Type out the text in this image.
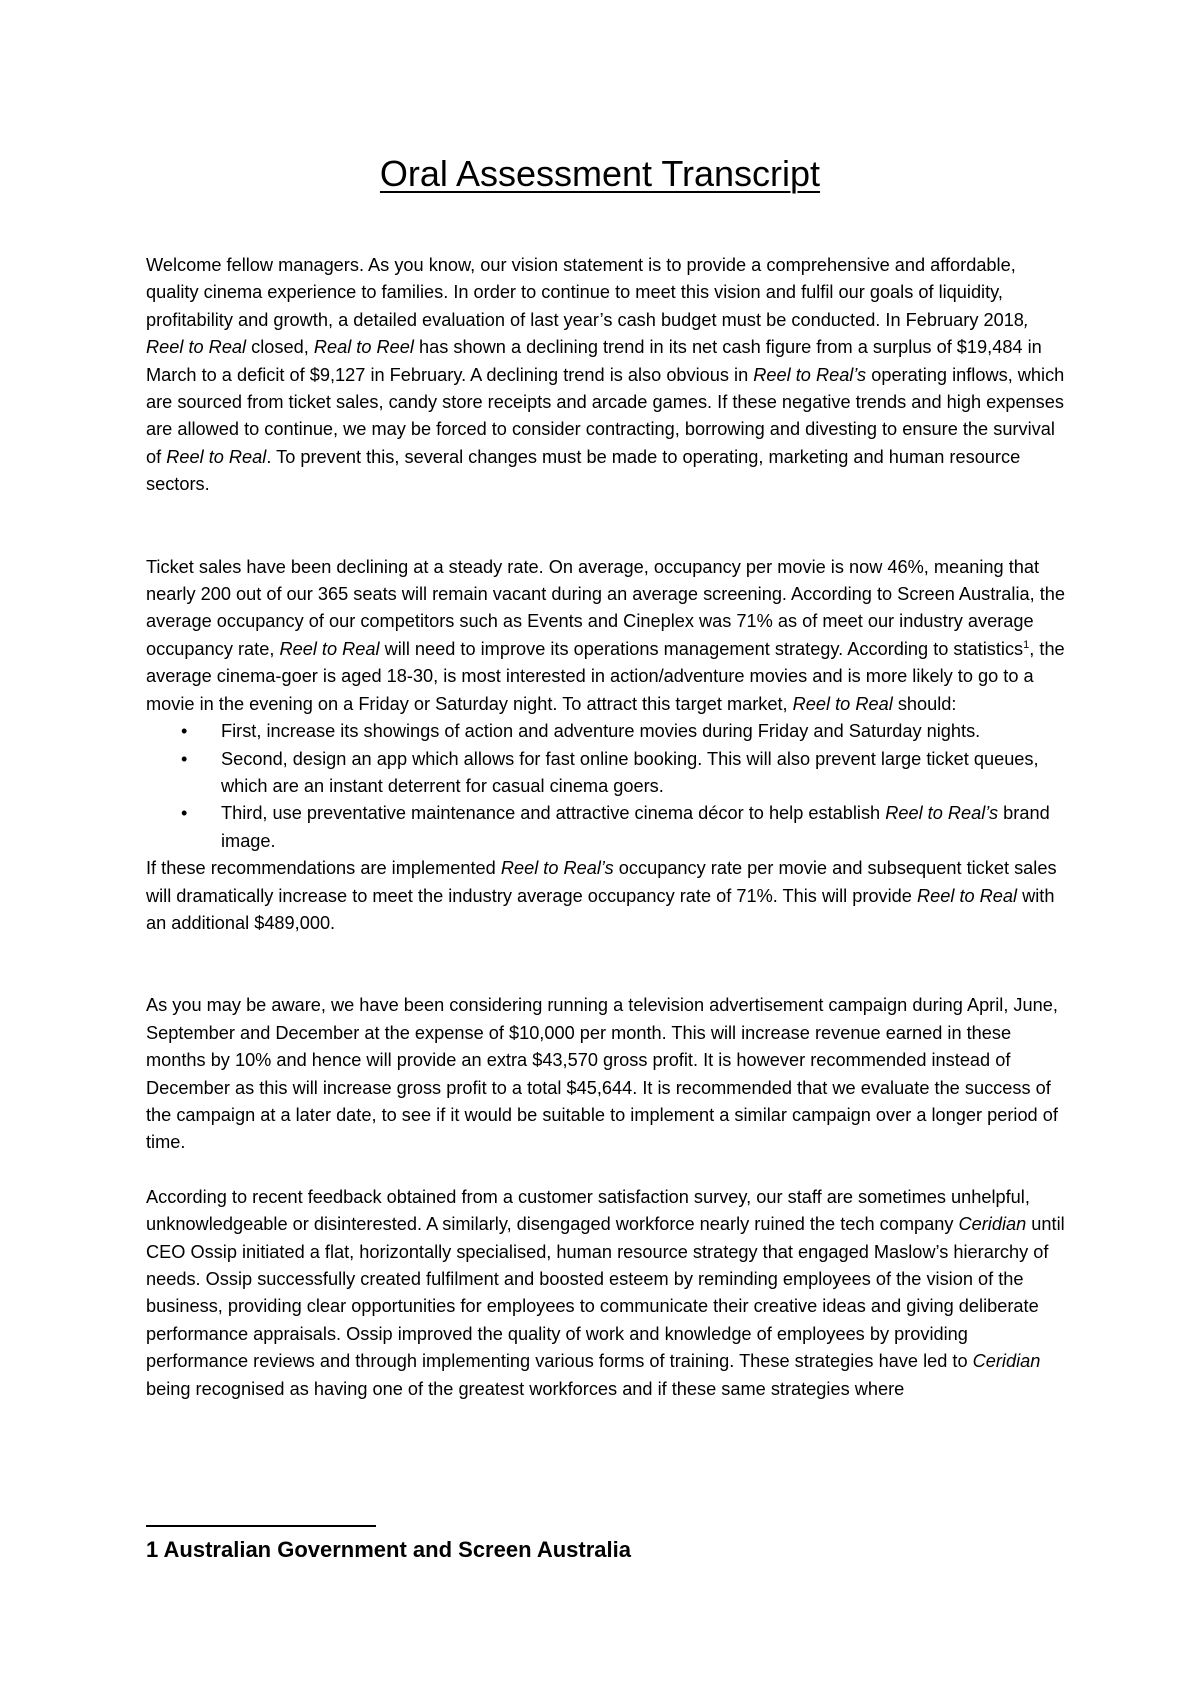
Oral Assessment Transcript

Welcome fellow managers. As you know, our vision statement is to provide a comprehensive and affordable, quality cinema experience to families. In order to continue to meet this vision and fulfil our goals of liquidity, profitability and growth, a detailed evaluation of last year’s cash budget must be conducted. In February 2018, Reel to Real closed, Real to Reel has shown a declining trend in its net cash figure from a surplus of $19,484 in March to a deficit of $9,127 in February. A declining trend is also obvious in Reel to Real’s operating inflows, which are sourced from ticket sales, candy store receipts and arcade games. If these negative trends and high expenses are allowed to continue, we may be forced to consider contracting, borrowing and divesting to ensure the survival of Reel to Real. To prevent this, several changes must be made to operating, marketing and human resource sectors.

Ticket sales have been declining at a steady rate. On average, occupancy per movie is now 46%, meaning that nearly 200 out of our 365 seats will remain vacant during an average screening. According to Screen Australia, the average occupancy of our competitors such as Events and Cineplex was 71% as of meet our industry average occupancy rate, Reel to Real will need to improve its operations management strategy. According to statistics$^1$, the average cinema-goer is aged 18-30, is most interested in action/adventure movies and is more likely to go to a movie in the evening on a Friday or Saturday night. To attract this target market, Reel to Real should:

• First, increase its showings of action and adventure movies during Friday and Saturday nights.
• Second, design an app which allows for fast online booking. This will also prevent large ticket queues, which are an instant deterrent for casual cinema goers.
• Third, use preventative maintenance and attractive cinema décor to help establish Reel to Real’s brand image.

If these recommendations are implemented Reel to Real’s occupancy rate per movie and subsequent ticket sales will dramatically increase to meet the industry average occupancy rate of 71%. This will provide Reel to Real with an additional $489,000.

As you may be aware, we have been considering running a television advertisement campaign during April, June, September and December at the expense of $10,000 per month. This will increase revenue earned in these months by 10% and hence will provide an extra $43,570 gross profit. It is however recommended instead of December as this will increase gross profit to a total $45,644. It is recommended that we evaluate the success of the campaign at a later date, to see if it would be suitable to implement a similar campaign over a longer period of time.

According to recent feedback obtained from a customer satisfaction survey, our staff are sometimes unhelpful, unknowledgeable or disinterested. A similarly, disengaged workforce nearly ruined the tech company Ceridian until CEO Ossip initiated a flat, horizontally specialised, human resource strategy that engaged Maslow’s hierarchy of needs. Ossip successfully created fulfilment and boosted esteem by reminding employees of the vision of the business, providing clear opportunities for employees to communicate their creative ideas and giving deliberate performance appraisals. Ossip improved the quality of work and knowledge of employees by providing performance reviews and through implementing various forms of training. These strategies have led to Ceridian being recognised as having one of the greatest workforces and if these same strategies where

1 Australian Government and Screen Australia
